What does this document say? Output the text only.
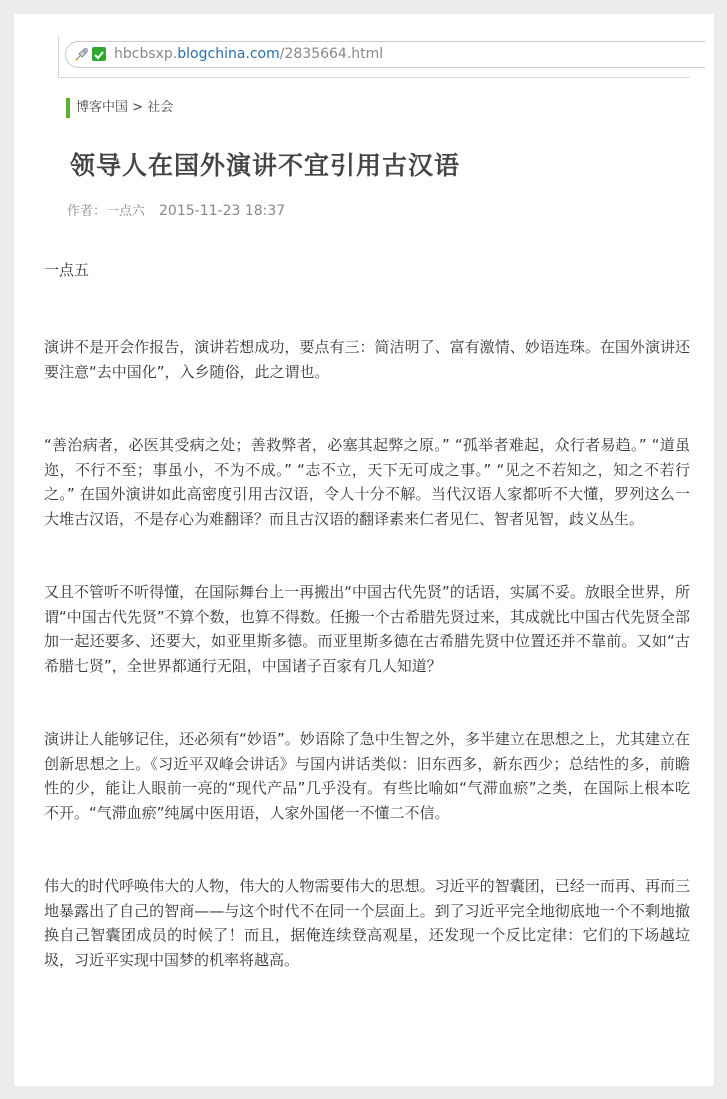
hbcbsxp.blogchina.com/2835664.html
博客中国 > 社会
领导人在国外演讲不宜引用古汉语
作者：一点六 2015-11-23 18:37

一点五

演讲不是开会作报告，演讲若想成功，要点有三：简洁明了、富有激情、妙语连珠。在国外演讲还要注意“去中国化”，入乡随俗，此之谓也。

“善治病者，必医其受病之处；善救弊者，必塞其起弊之原。” “孤举者难起，众行者易趋。” “道虽迩，不行不至；事虽小，不为不成。” “志不立，天下无可成之事。” “见之不若知之，知之不若行之。” 在国外演讲如此高密度引用古汉语，令人十分不解。当代汉语人家都听不大懂，罗列这么一大堆古汉语，不是存心为难翻译？而且古汉语的翻译素来仁者见仁、智者见智，歧义丛生。

又且不管听不听得懂，在国际舞台上一再搬出“中国古代先贤”的话语，实属不妥。放眼全世界，所谓“中国古代先贤”不算个数，也算不得数。任搬一个古希腊先贤过来，其成就比中国古代先贤全部加一起还要多、还要大，如亚里斯多德。而亚里斯多德在古希腊先贤中位置还并不靠前。又如“古希腊七贤”，全世界都通行无阻，中国诸子百家有几人知道？

演讲让人能够记住，还必须有“妙语”。妙语除了急中生智之外，多半建立在思想之上，尤其建立在创新思想之上。《习近平双峰会讲话》与国内讲话类似：旧东西多，新东西少；总结性的多，前瞻性的少，能让人眼前一亮的“现代产品”几乎没有。有些比喻如“气滞血瘀”之类，在国际上根本吃不开。“气滞血瘀”纯属中医用语，人家外国佬一不懂二不信。

伟大的时代呼唤伟大的人物，伟大的人物需要伟大的思想。习近平的智囊团，已经一而再、再而三地暴露出了自己的智商——与这个时代不在同一个层面上。到了习近平完全地彻底地一个不剩地撤换自己智囊团成员的时候了！而且，据俺连续登高观星，还发现一个反比定律：它们的下场越垃圾，习近平实现中国梦的机率将越高。
